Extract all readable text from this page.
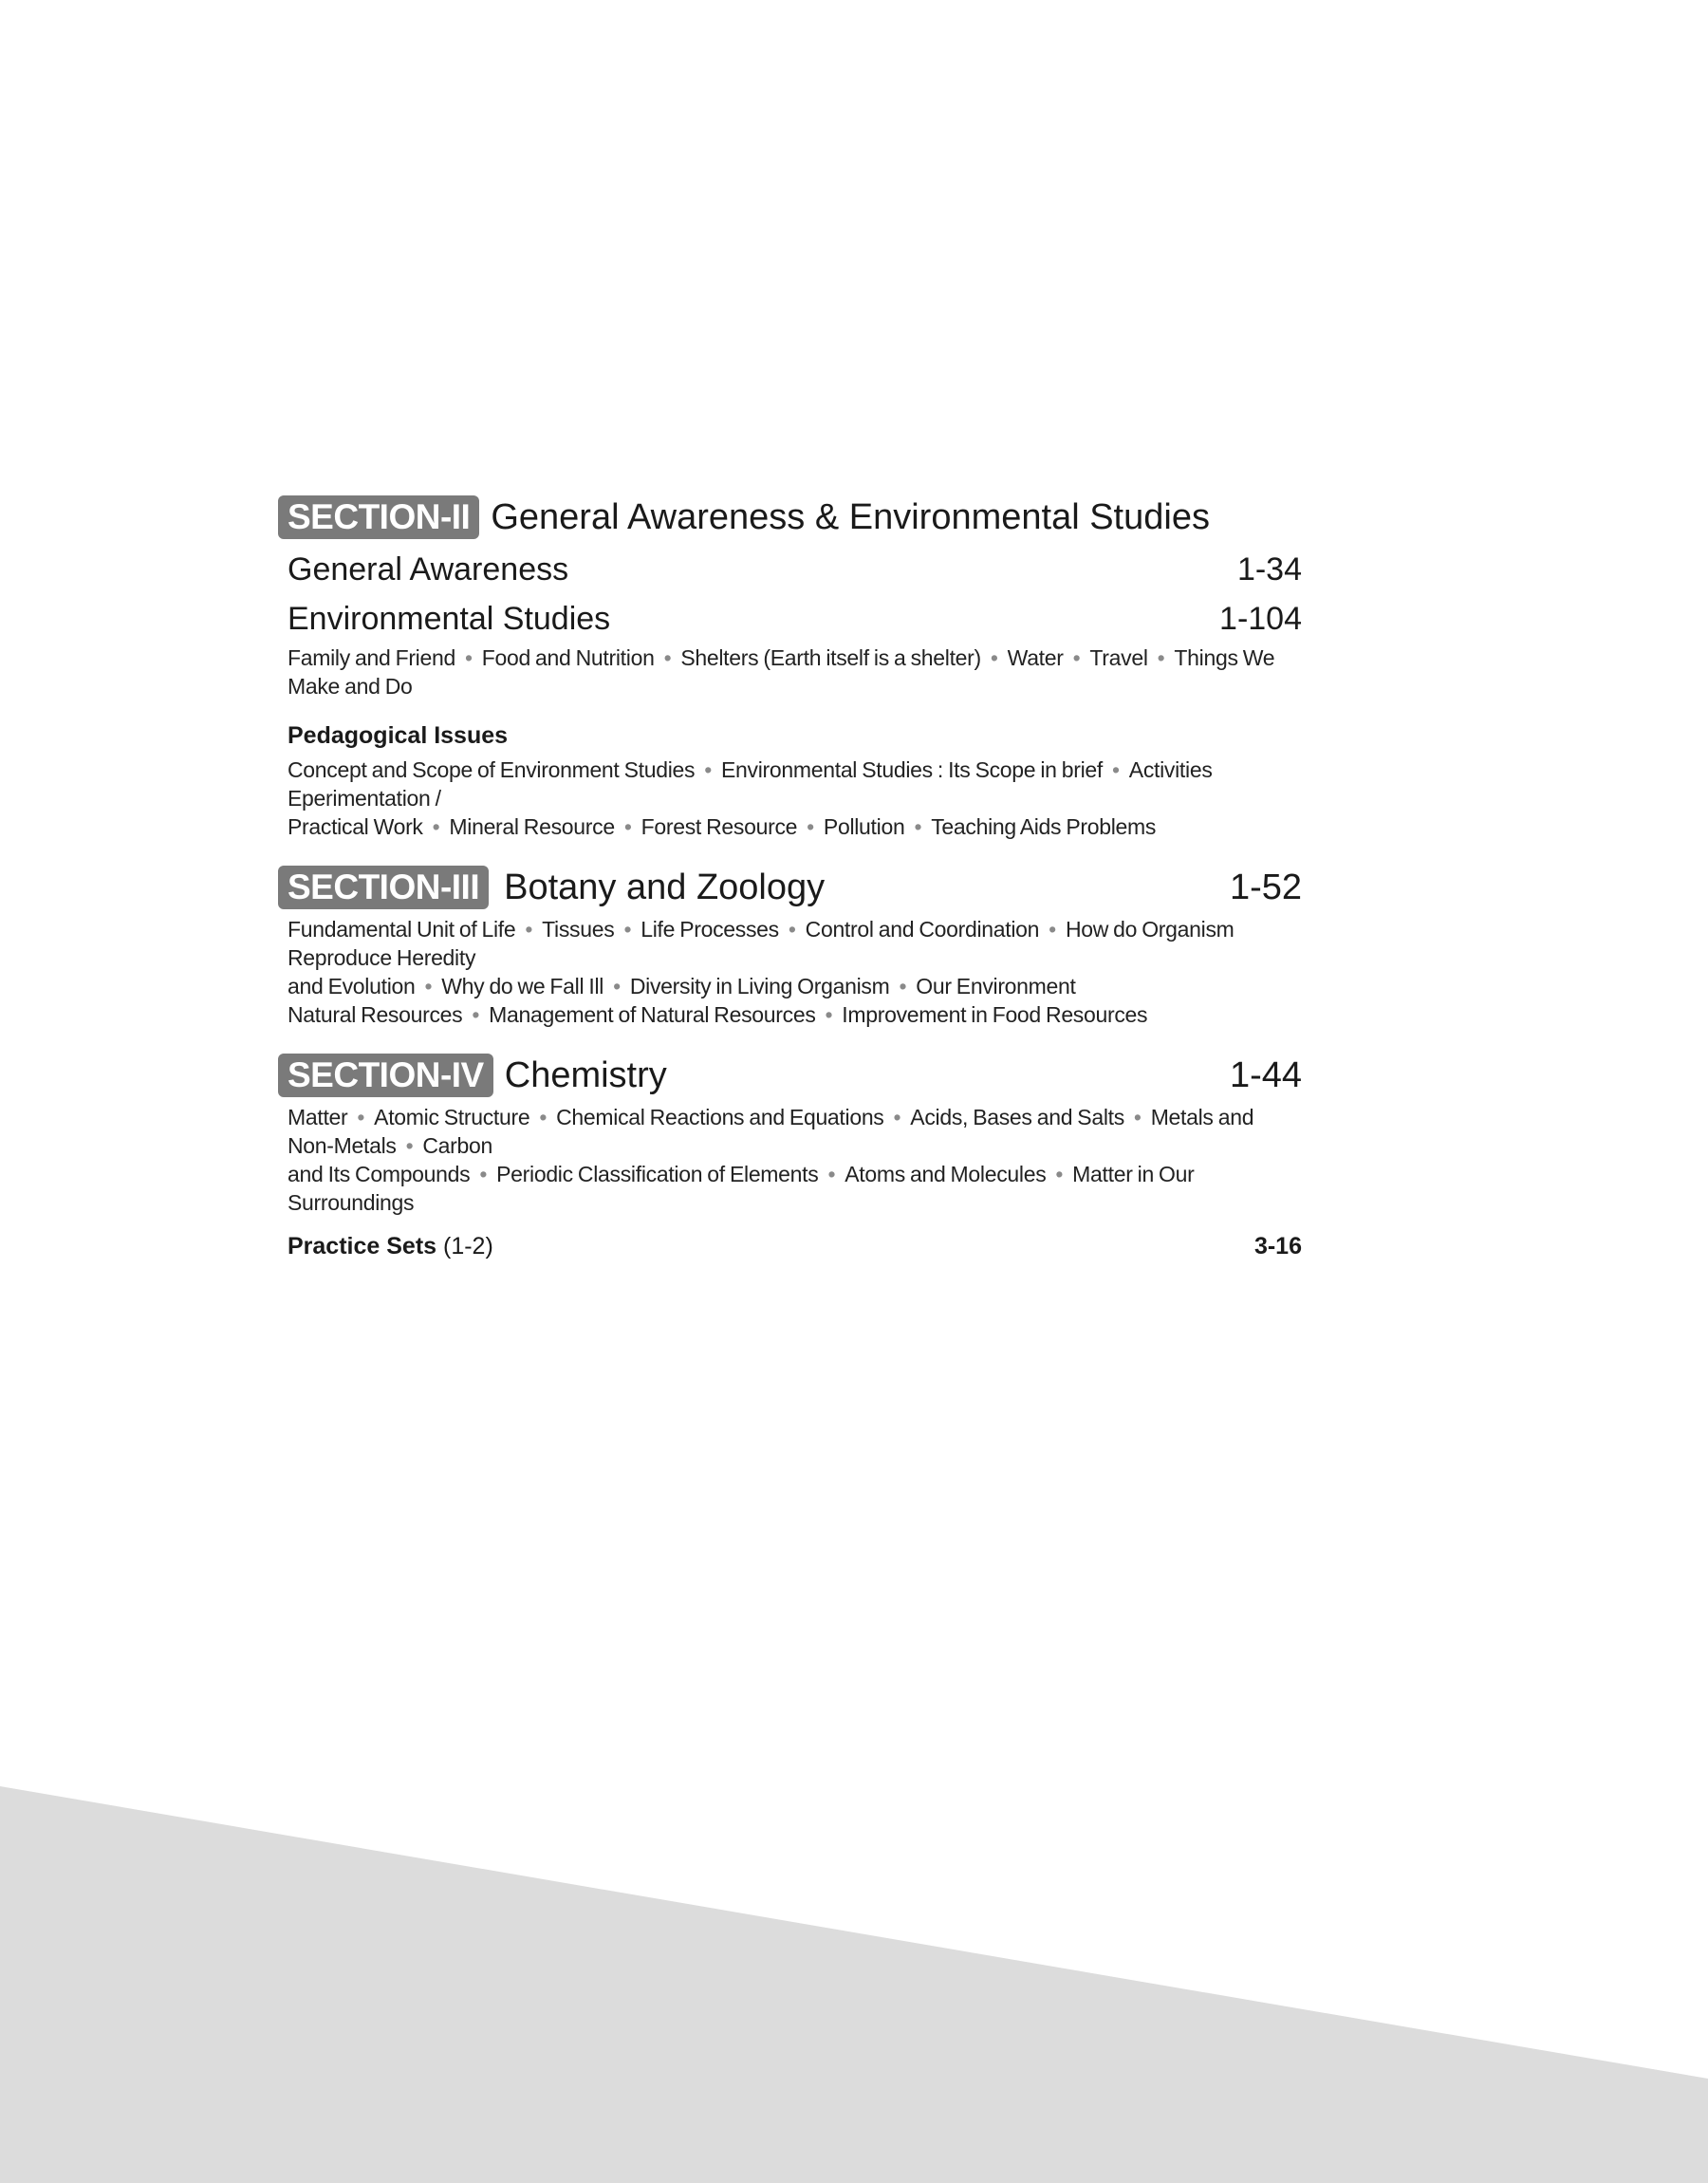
SECTION-II General Awareness & Environmental Studies
General Awareness	1-34
Environmental Studies	1-104
Family and Friend • Food and Nutrition • Shelters (Earth itself is a shelter) • Water • Travel • Things We
Make and Do
Pedagogical Issues
Concept and Scope of Environment Studies • Environmental Studies : Its Scope in brief • Activities
Eperimentation /
Practical Work • Mineral Resource • Forest Resource • Pollution • Teaching Aids Problems
SECTION-III Botany and Zoology	1-52
Fundamental Unit of Life • Tissues • Life Processes • Control and Coordination • How do Organism
Reproduce Heredity
and Evolution • Why do we Fall Ill • Diversity in Living Organism • Our Environment
Natural Resources • Management of Natural Resources • Improvement in Food Resources
SECTION-IV Chemistry	1-44
Matter • Atomic Structure • Chemical Reactions and Equations • Acids, Bases and Salts • Metals and
Non-Metals • Carbon
and Its Compounds • Periodic Classification of Elements • Atoms and Molecules • Matter in Our
Surroundings
Practice Sets (1-2)	3-16
